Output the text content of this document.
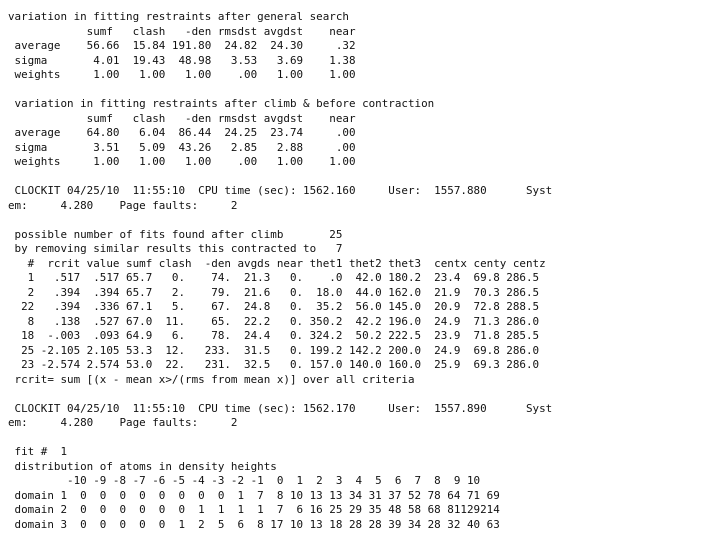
variation in fitting restraints after general search
sumf   clash   -den rmsdst avgdst    near
average    56.66  15.84 191.80  24.82  24.30     .32
sigma       4.01  19.43  48.98   3.53   3.69    1.38
weights     1.00   1.00   1.00    .00   1.00    1.00
variation in fitting restraints after climb & before contraction
sumf   clash   -den rmsdst avgdst    near
average    64.80   6.04  86.44  24.25  23.74     .00
sigma       3.51   5.09  43.26   2.85   2.88     .00
weights     1.00   1.00   1.00    .00   1.00    1.00
CLOCKIT 04/25/10  11:55:10  CPU time (sec): 1562.160     User:  1557.880      Syst
em:     4.280    Page faults:     2
possible number of fits found after climb       25
by removing similar results this contracted to   7
#  rcrit value sumf clash  -den avgds near thet1 thet2 thet3  centx centy centz
1   .517  .517 65.7   0.    74.  21.3   0.    .0  42.0 180.2  23.4  69.8 286.5
2   .394  .394 65.7   2.    79.  21.6   0.  18.0  44.0 162.0  21.9  70.3 286.5
22   .394  .336 67.1   5.    67.  24.8   0.  35.2  56.0 145.0  20.9  72.8 288.5
8   .138  .527 67.0  11.    65.  22.2   0. 350.2  42.2 196.0  24.9  71.3 286.0
18  -.003  .093 64.9   6.    78.  24.4   0. 324.2  50.2 222.5  23.9  71.8 285.5
25 -2.105 2.105 53.3  12.   233.  31.5   0. 199.2 142.2 200.0  24.9  69.8 286.0
23 -2.574 2.574 53.0  22.   231.  32.5   0. 157.0 140.0 160.0  25.9  69.3 286.0
rcrit= sum [(x - mean x>/(rms from mean x)] over all criteria
CLOCKIT 04/25/10  11:55:10  CPU time (sec): 1562.170     User:  1557.890      Syst
em:     4.280    Page faults:     2
fit #  1
distribution of atoms in density heights
-10 -9 -8 -7 -6 -5 -4 -3 -2 -1  0  1  2  3  4  5  6  7  8  9 10
domain 1  0  0  0  0  0  0  0  0  1  7  8 10 13 13 34 31 37 52 78 64 71 69
domain 2  0  0  0  0  0  0  1  1  1  1  7  6 16 25 29 35 48 58 68 81129214
domain 3  0  0  0  0  0  1  2  5  6  8 17 10 13 18 28 28 39 34 28 32 40 63
